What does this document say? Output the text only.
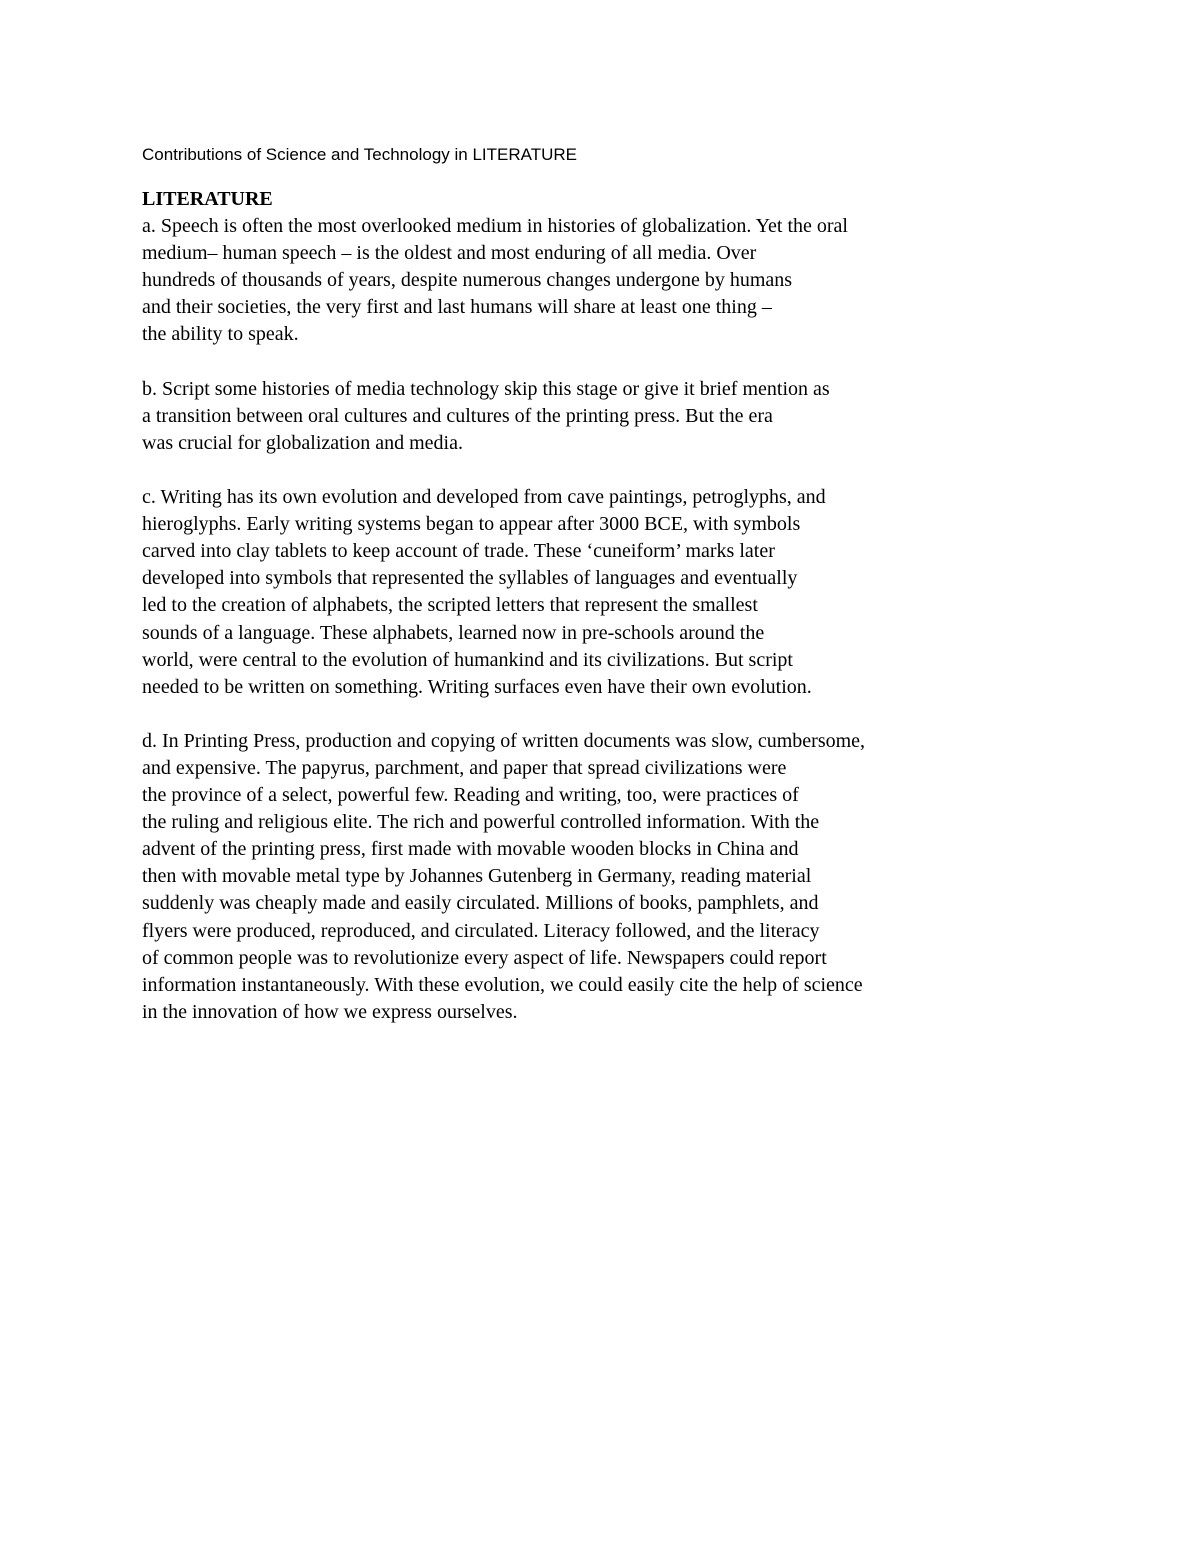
Contributions of Science and Technology in LITERATURE
LITERATURE
a. Speech is often the most overlooked medium in histories of globalization. Yet the oral
medium– human speech – is the oldest and most enduring of all media. Over
hundreds of thousands of years, despite numerous changes undergone by humans
and their societies, the very first and last humans will share at least one thing –
the ability to speak.
b. Script some histories of media technology skip this stage or give it brief mention as
a transition between oral cultures and cultures of the printing press. But the era
was crucial for globalization and media.
c. Writing has its own evolution and developed from cave paintings, petroglyphs, and
hieroglyphs. Early writing systems began to appear after 3000 BCE, with symbols
carved into clay tablets to keep account of trade. These ‘cuneiform’ marks later
developed into symbols that represented the syllables of languages and eventually
led to the creation of alphabets, the scripted letters that represent the smallest
sounds of a language. These alphabets, learned now in pre-schools around the
world, were central to the evolution of humankind and its civilizations. But script
needed to be written on something. Writing surfaces even have their own evolution.
d. In Printing Press, production and copying of written documents was slow, cumbersome,
and expensive. The papyrus, parchment, and paper that spread civilizations were
the province of a select, powerful few. Reading and writing, too, were practices of
the ruling and religious elite. The rich and powerful controlled information. With the
advent of the printing press, first made with movable wooden blocks in China and
then with movable metal type by Johannes Gutenberg in Germany, reading material
suddenly was cheaply made and easily circulated. Millions of books, pamphlets, and
flyers were produced, reproduced, and circulated. Literacy followed, and the literacy
of common people was to revolutionize every aspect of life. Newspapers could report
information instantaneously. With these evolution, we could easily cite the help of science
in the innovation of how we express ourselves.
